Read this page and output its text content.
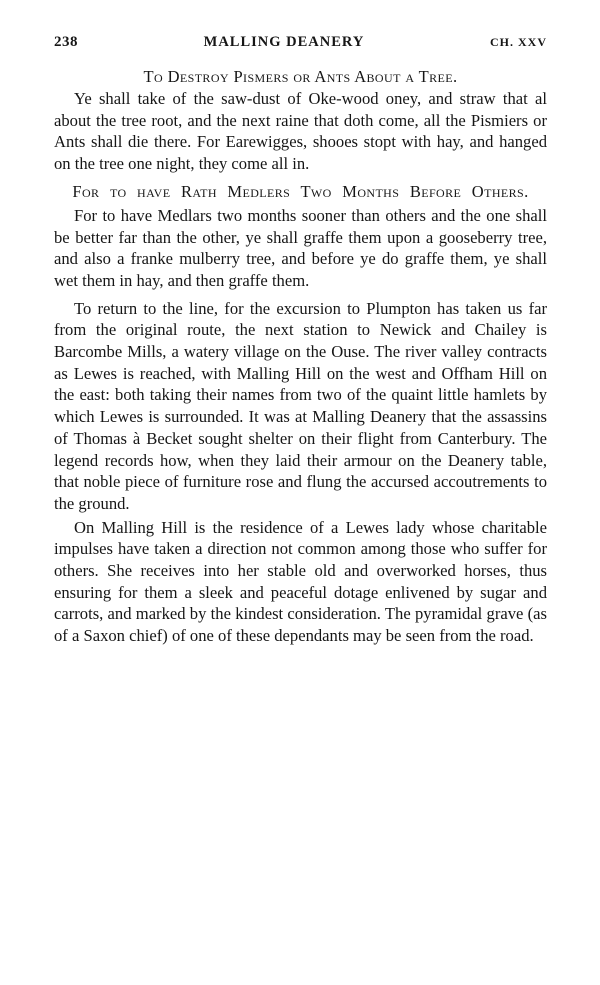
238	MALLING DEANERY	CH. XXV
To Destroy Pismers or Ants About a Tree.

Ye shall take of the saw-dust of Oke-wood oney, and straw that al about the tree root, and the next raine that doth come, all the Pismiers or Ants shall die there. For Earewigges, shooes stopt with hay, and hanged on the tree one night, they come all in.

For to have Rath Medlers Two Months Before Others.

For to have Medlars two months sooner than others and the one shall be better far than the other, ye shall graffe them upon a gooseberry tree, and also a franke mulberry tree, and before ye do graffe them, ye shall wet them in hay, and then graffe them.

To return to the line, for the excursion to Plumpton has taken us far from the original route, the next station to Newick and Chailey is Barcombe Mills, a watery village on the Ouse. The river valley contracts as Lewes is reached, with Malling Hill on the west and Offham Hill on the east: both taking their names from two of the quaint little hamlets by which Lewes is surrounded. It was at Malling Deanery that the assassins of Thomas à Becket sought shelter on their flight from Canterbury. The legend records how, when they laid their armour on the Deanery table, that noble piece of furniture rose and flung the accursed accoutrements to the ground.

On Malling Hill is the residence of a Lewes lady whose charitable impulses have taken a direction not common among those who suffer for others. She receives into her stable old and overworked horses, thus ensuring for them a sleek and peaceful dotage enlivened by sugar and carrots, and marked by the kindest consideration. The pyramidal grave (as of a Saxon chief) of one of these dependants may be seen from the road.
